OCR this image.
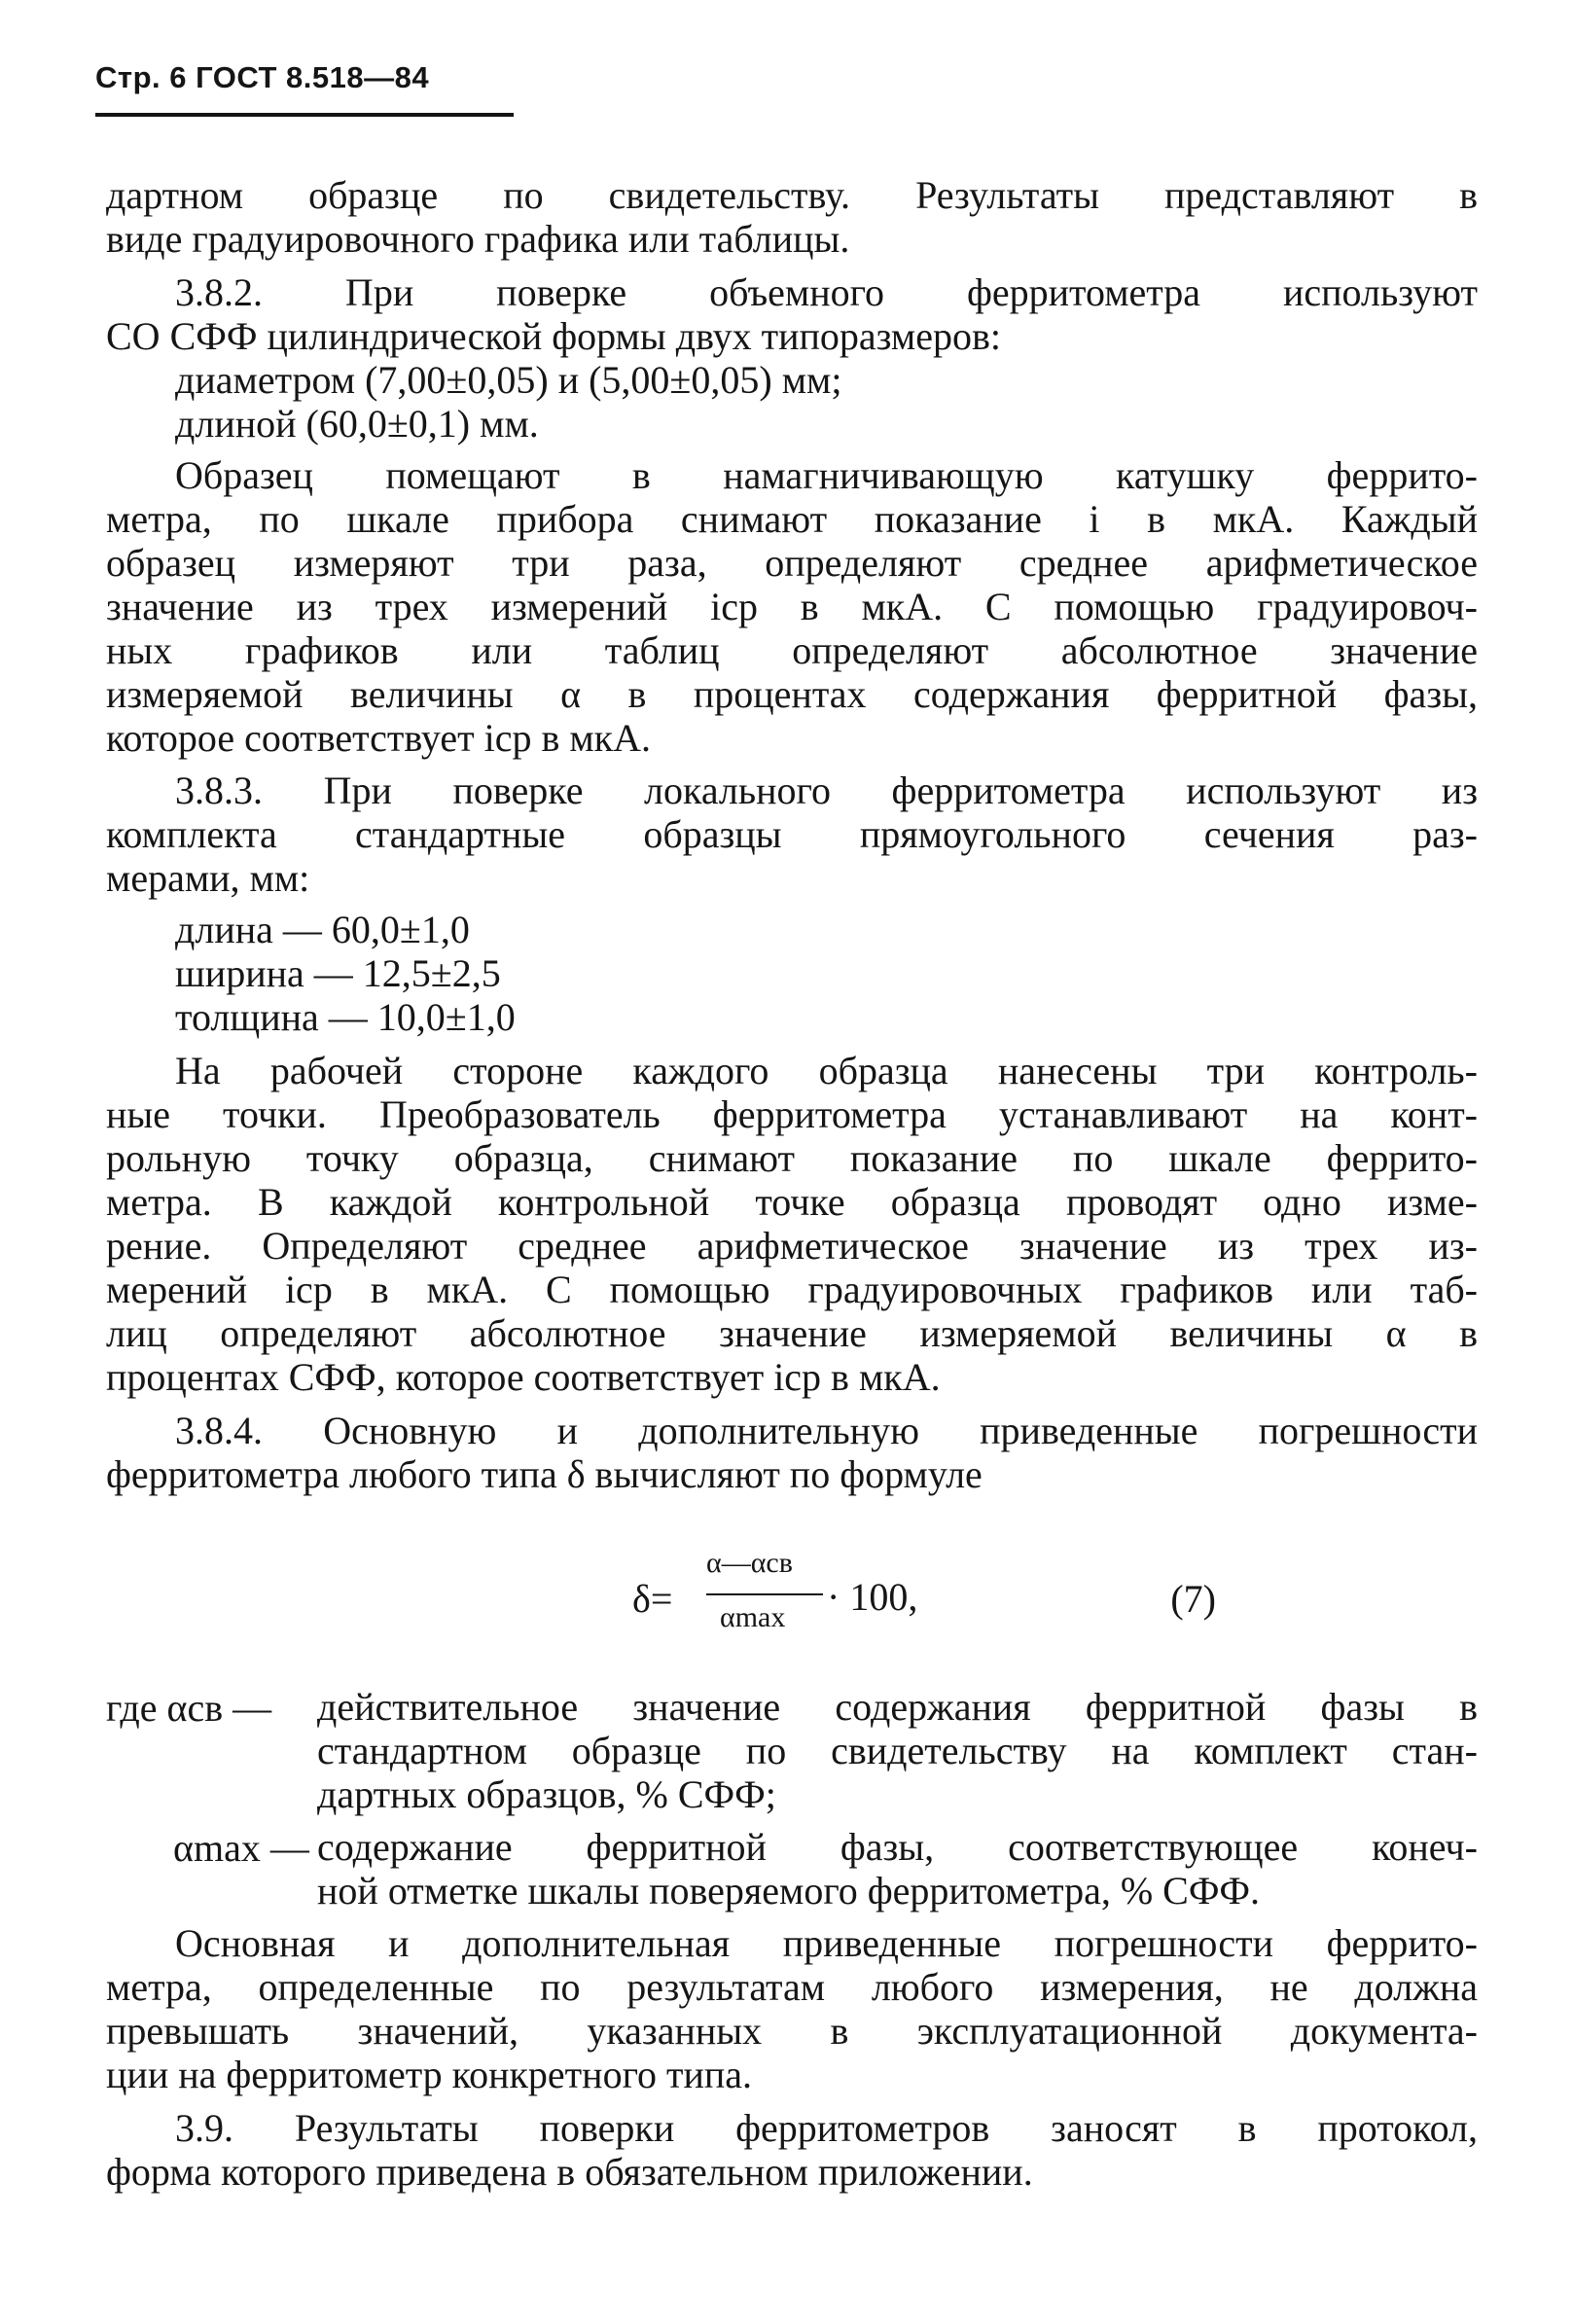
Стр. 6 ГОСТ 8.518—84
дартном образце по свидетельству. Результаты представляют в
виде градуировочного графика или таблицы.
3.8.2. При поверке объемного ферритометра используют
СО СФФ цилиндрической формы двух типоразмеров:
диаметром (7,00±0,05) и (5,00±0,05) мм;
длиной (60,0±0,1) мм.
Образец помещают в намагничивающую катушку феррито-
метра, по шкале прибора снимают показание i в мкА. Каждый
образец измеряют три раза, определяют среднее арифметическое
значение из трех измерений iср в мкА. С помощью градуировоч-
ных графиков или таблиц определяют абсолютное значение
измеряемой величины α в процентах содержания ферритной фазы,
которое соответствует iср в мкА.
3.8.3. При поверке локального ферритометра используют из
комплекта стандартные образцы прямоугольного сечения раз-
мерами, мм:
длина — 60,0±1,0
ширина — 12,5±2,5
толщина — 10,0±1,0
На рабочей стороне каждого образца нанесены три контроль-
ные точки. Преобразователь ферритометра устанавливают на конт-
рольную точку образца, снимают показание по шкале феррито-
метра. В каждой контрольной точке образца проводят одно изме-
рение. Определяют среднее арифметическое значение из трех из-
мерений iср в мкА. С помощью градуировочных графиков или таб-
лиц определяют абсолютное значение измеряемой величины α в
процентах СФФ, которое соответствует iср в мкА.
3.8.4. Основную и дополнительную приведенные погрешности
ферритометра любого типа δ вычисляют по формуле
δ=
α—αсв
αmax · 100,	(7)
где αсв — действительное значение содержания ферритной фазы в
стандартном образце по свидетельству на комплект стан-
дартных образцов, % СФФ;
αmax — содержание ферритной фазы, соответствующее конеч-
ной отметке шкалы поверяемого ферритометра, % СФФ.
Основная и дополнительная приведенные погрешности феррито-
метра, определенные по результатам любого измерения, не должна
превышать значений, указанных в эксплуатационной документа-
ции на ферритометр конкретного типа.
3.9. Результаты поверки ферритометров заносят в протокол,
форма которого приведена в обязательном приложении.
